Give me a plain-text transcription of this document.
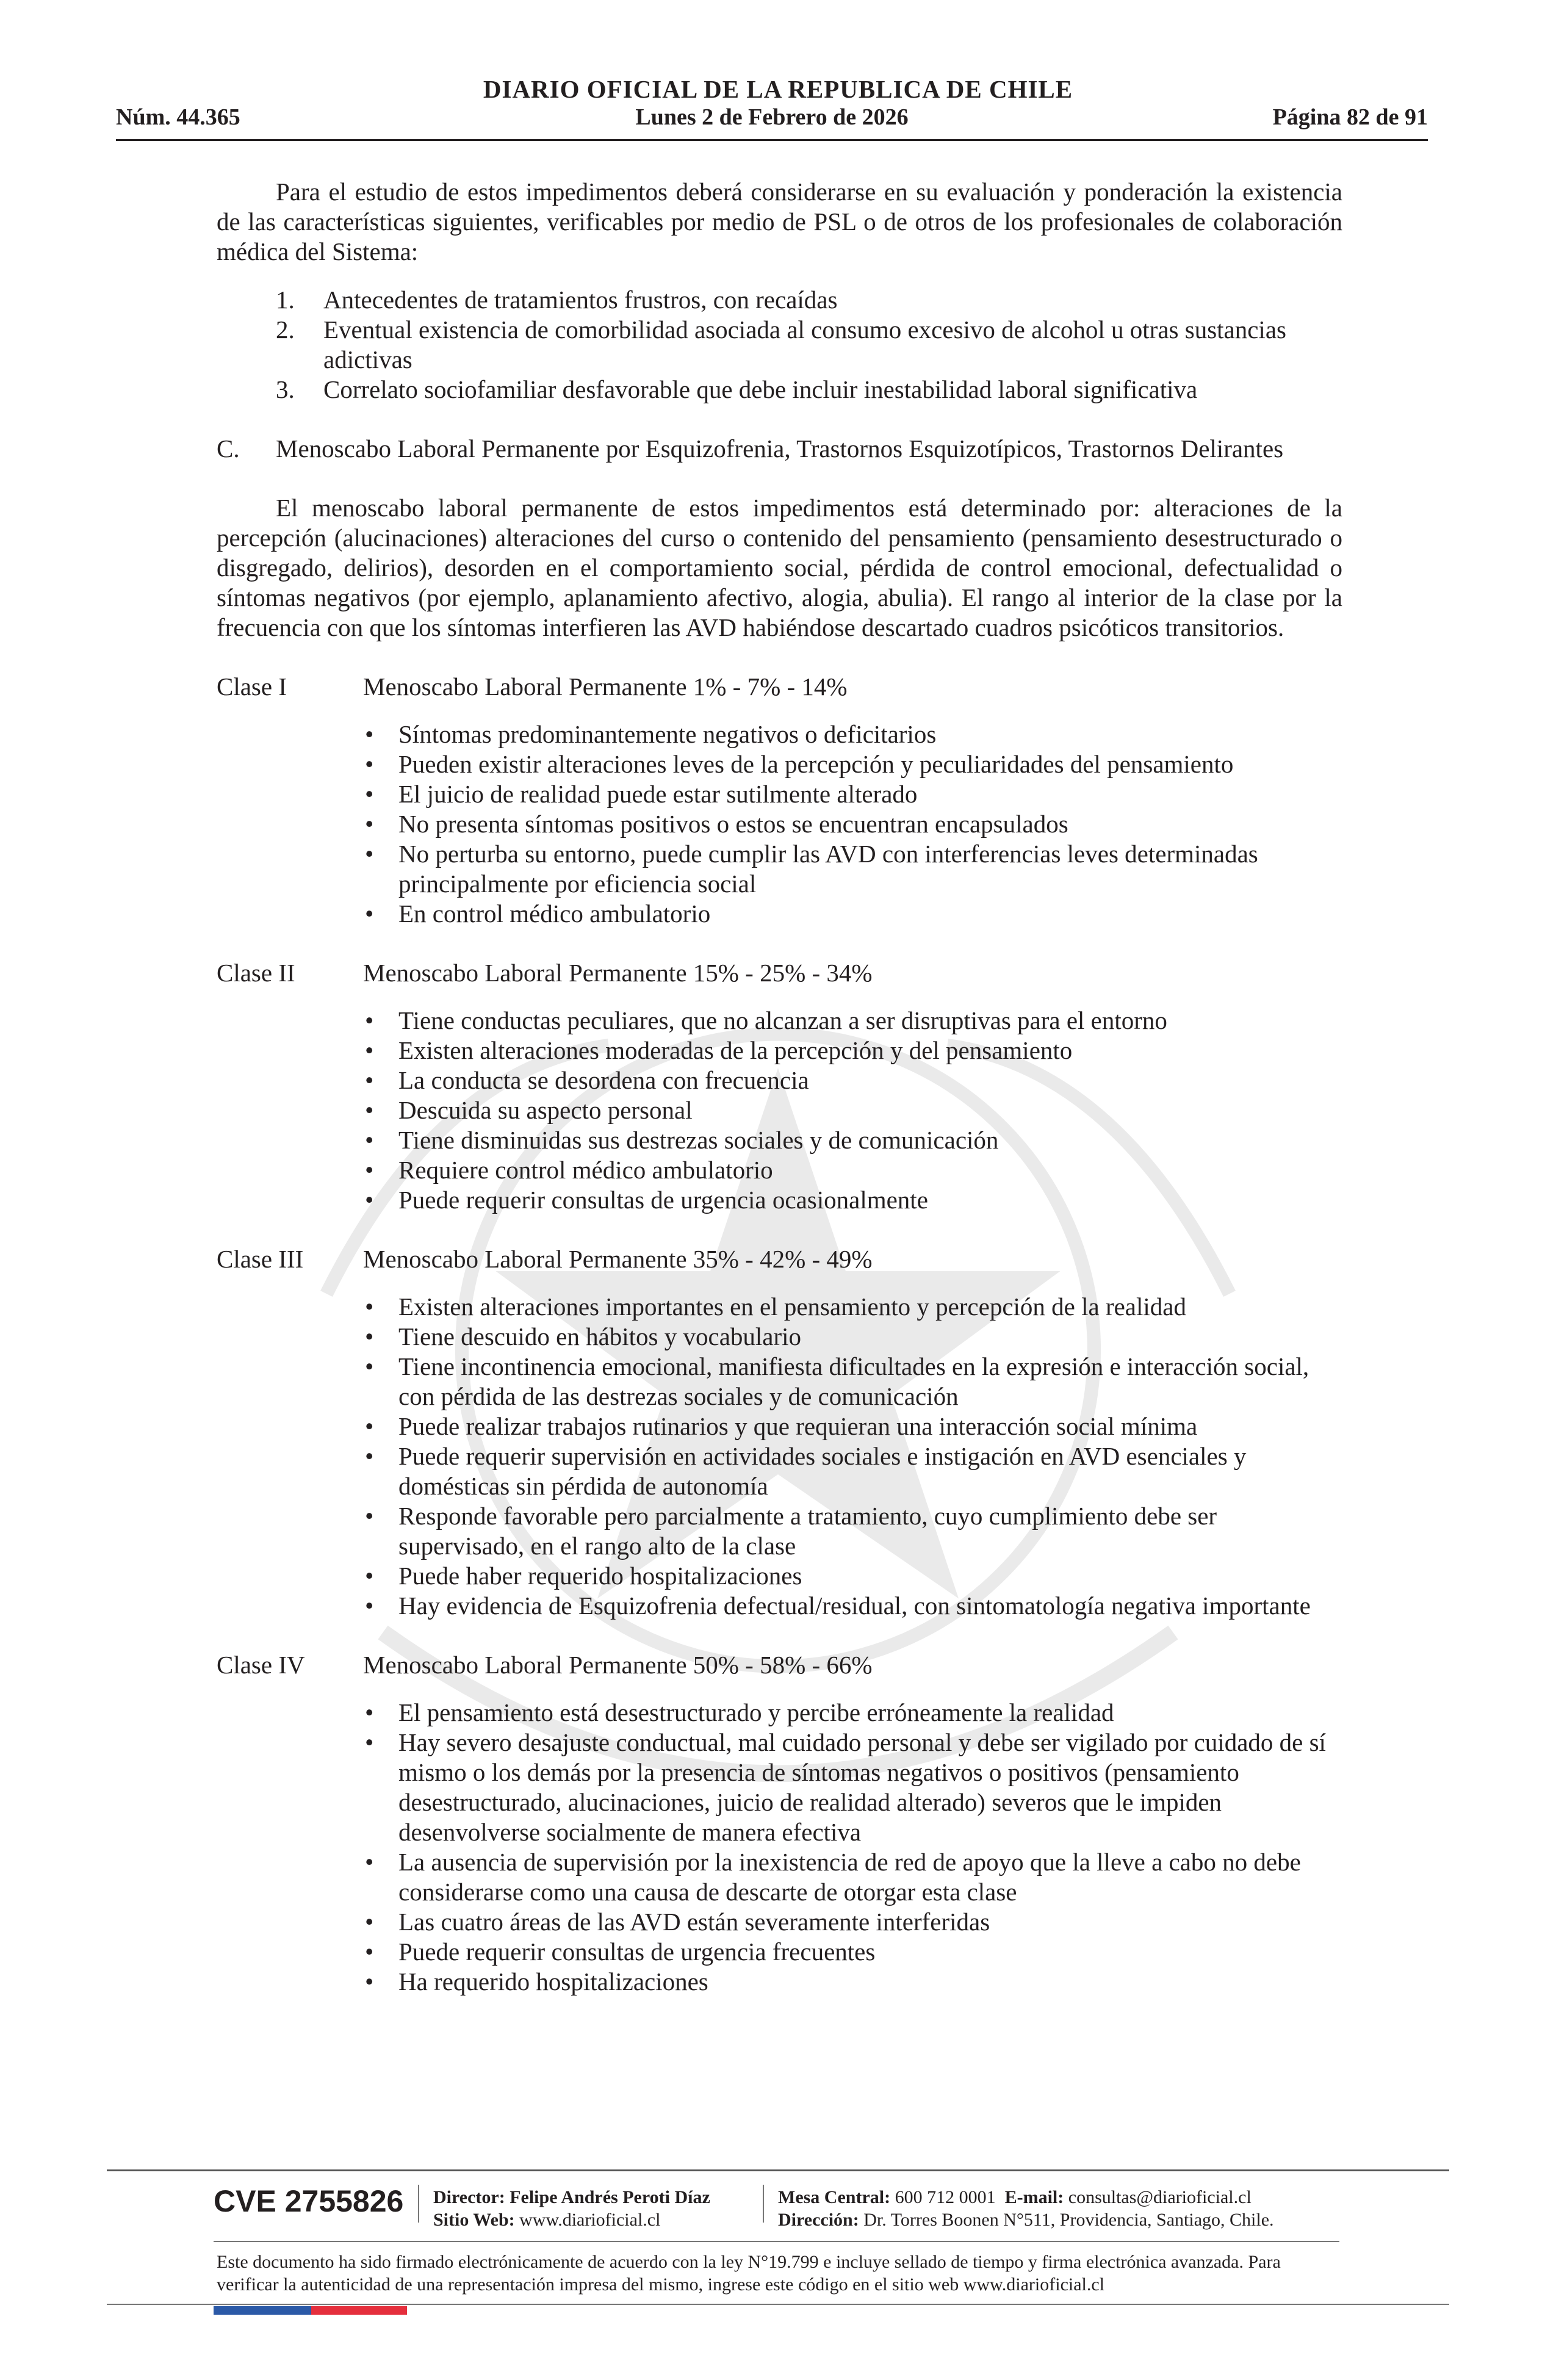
DIARIO OFICIAL DE LA REPUBLICA DE CHILE
Núm. 44.365	Lunes 2 de Febrero de 2026	Página 82 de 91

Para el estudio de estos impedimentos deberá considerarse en su evaluación y ponderación la existencia de las características siguientes, verificables por medio de PSL o de otros de los profesionales de colaboración médica del Sistema:

1. Antecedentes de tratamientos frustros, con recaídas
2. Eventual existencia de comorbilidad asociada al consumo excesivo de alcohol u otras sustancias adictivas
3. Correlato sociofamiliar desfavorable que debe incluir inestabilidad laboral significativa
C. Menoscabo Laboral Permanente por Esquizofrenia, Trastornos Esquizotípicos, Trastornos Delirantes

El menoscabo laboral permanente de estos impedimentos está determinado por: alteraciones de la percepción (alucinaciones) alteraciones del curso o contenido del pensamiento (pensamiento desestructurado o disgregado, delirios), desorden en el comportamiento social, pérdida de control emocional, defectualidad o síntomas negativos (por ejemplo, aplanamiento afectivo, alogia, abulia). El rango al interior de la clase por la frecuencia con que los síntomas interfieren las AVD habiéndose descartado cuadros psicóticos transitorios.

Clase I	Menoscabo Laboral Permanente 1% - 7% - 14%
• Síntomas predominantemente negativos o deficitarios
• Pueden existir alteraciones leves de la percepción y peculiaridades del pensamiento
• El juicio de realidad puede estar sutilmente alterado
• No presenta síntomas positivos o estos se encuentran encapsulados
• No perturba su entorno, puede cumplir las AVD con interferencias leves determinadas principalmente por eficiencia social
• En control médico ambulatorio
Clase II	Menoscabo Laboral Permanente 15% - 25% - 34%
• Tiene conductas peculiares, que no alcanzan a ser disruptivas para el entorno
• Existen alteraciones moderadas de la percepción y del pensamiento
• La conducta se desordena con frecuencia
• Descuida su aspecto personal
• Tiene disminuidas sus destrezas sociales y de comunicación
• Requiere control médico ambulatorio
• Puede requerir consultas de urgencia ocasionalmente
Clase III Menoscabo Laboral Permanente 35% - 42% - 49%
• Existen alteraciones importantes en el pensamiento y percepción de la realidad
• Tiene descuido en hábitos y vocabulario
• Tiene incontinencia emocional, manifiesta dificultades en la expresión e interacción social, con pérdida de las destrezas sociales y de comunicación
• Puede realizar trabajos rutinarios y que requieran una interacción social mínima
• Puede requerir supervisión en actividades sociales e instigación en AVD esenciales y domésticas sin pérdida de autonomía
• Responde favorable pero parcialmente a tratamiento, cuyo cumplimiento debe ser supervisado, en el rango alto de la clase
• Puede haber requerido hospitalizaciones
• Hay evidencia de Esquizofrenia defectual/residual, con sintomatología negativa importante
Clase IV Menoscabo Laboral Permanente 50% - 58% - 66%
• El pensamiento está desestructurado y percibe erróneamente la realidad
• Hay severo desajuste conductual, mal cuidado personal y debe ser vigilado por cuidado de sí mismo o los demás por la presencia de síntomas negativos o positivos (pensamiento desestructurado, alucinaciones, juicio de realidad alterado) severos que le impiden desenvolverse socialmente de manera efectiva
• La ausencia de supervisión por la inexistencia de red de apoyo que la lleve a cabo no debe considerarse como una causa de descarte de otorgar esta clase
• Las cuatro áreas de las AVD están severamente interferidas
• Puede requerir consultas de urgencia frecuentes
• Ha requerido hospitalizaciones
CVE 2755826 Director: Felipe Andrés Peroti Díaz
Sitio Web: www.diarioficial.cl
Mesa Central: 600 712 0001 E-mail: consultas@diarioficial.cl
Dirección: Dr. Torres Boonen N°511, Providencia, Santiago, Chile.
Este documento ha sido firmado electrónicamente de acuerdo con la ley N°19.799 e incluye sellado de tiempo y firma electrónica avanzada. Para verificar la autenticidad de una representación impresa del mismo, ingrese este código en el sitio web www.diarioficial.cl
